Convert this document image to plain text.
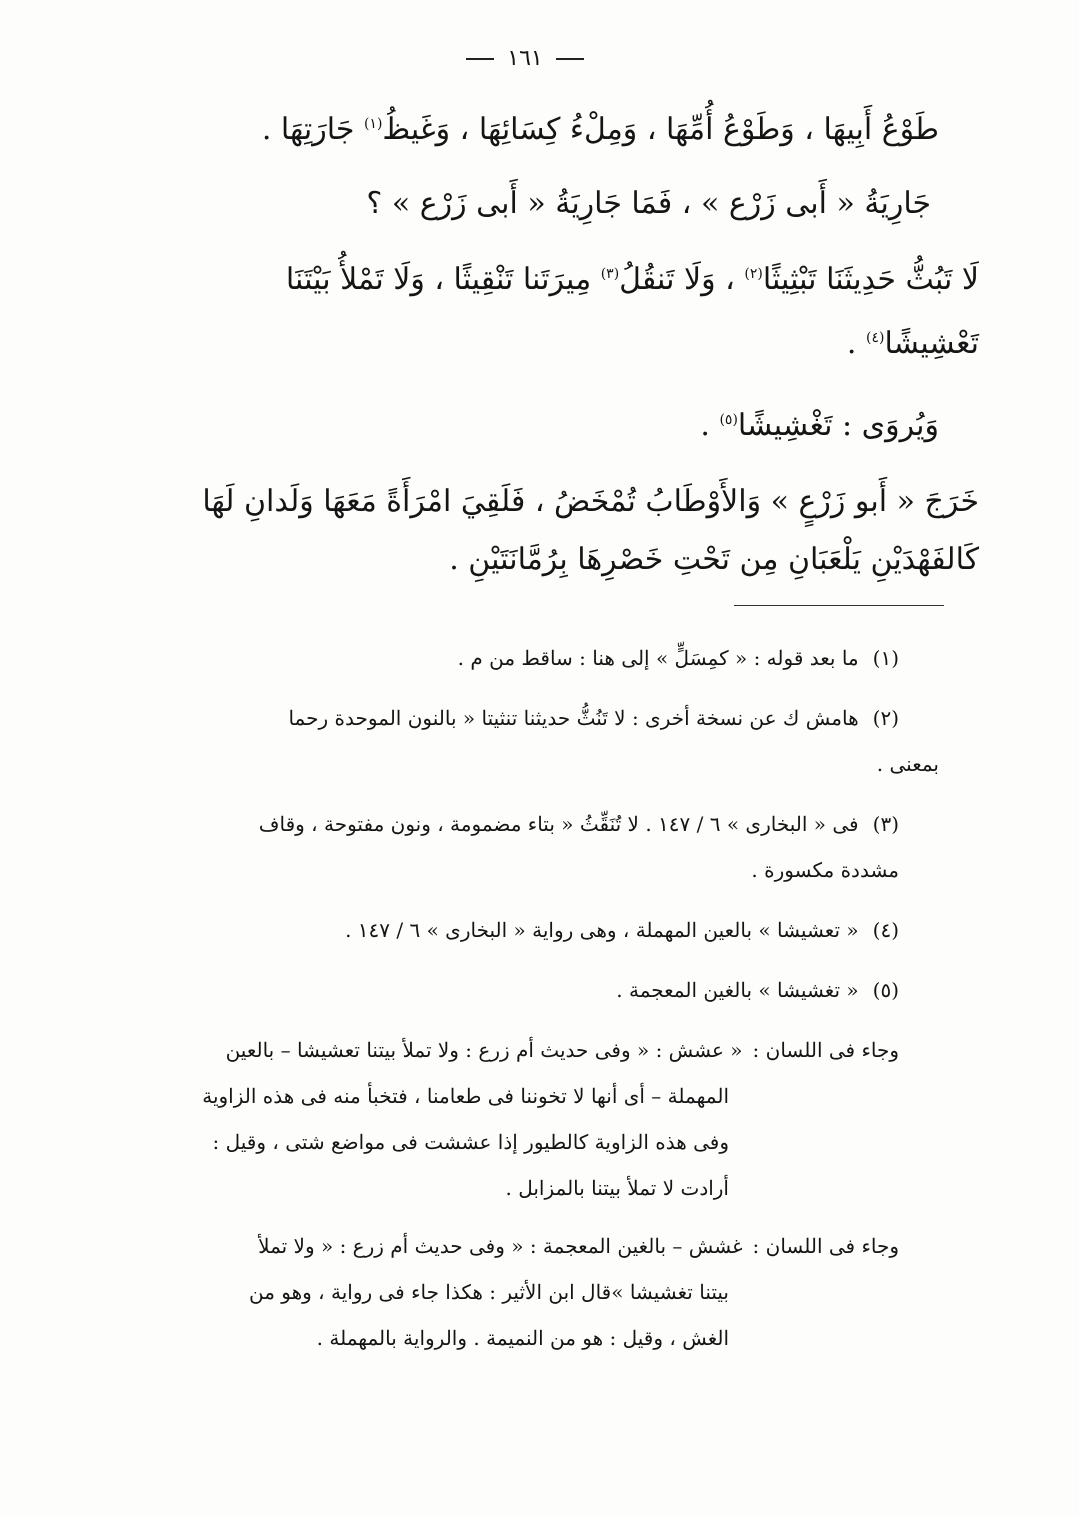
١٦١

طَوْعُ أَبِيهَا ، وَطَوْعُ أُمِّهَا ، وَمِلْءُ كِسَائِهَا ، وَغَيظُ$^{(١)}$ جَارَتِهَا .

جَارِيَةُ « أَبى زَرْع » ، فَمَا جَارِيَةُ « أَبى زَرْع » ؟

لَا تَبُثُّ حَدِيثَنَا تَبْثِيثًا$^{(٢)}$ ، وَلَا تَنقُلُ$^{(٣)}$ مِيرَتَنا تَنْقِيثًا ، وَلَا تَمْلأُ بَيْتَنَا

تَعْشِيشًا$^{(٤)}$ .

وَيُروَى : تَغْشِيشًا$^{(٥)}$ .

خَرَجَ « أَبو زَرْعٍ » وَالأَوْطَابُ تُمْخَضُ ، فَلَقِيَ امْرَأَةً مَعَهَا وَلَدانِ لَهَا

كَالفَهْدَيْنِ يَلْعَبَانِ مِن تَحْتِ خَصْرِهَا بِرُمَّانَتَيْنِ .

(١)ما بعد قوله : « كمِسَلٍّ » إلى هنا : ساقط من م .

(٢)هامش ك عن نسخة أخرى : لا تَنُثُّ حديثنا تنثيتا « بالنون الموحدة رحما
بمعنى .

(٣)فى « البخارى » ٦ / ١٤٧ . لا تُنَقِّثُ « بتاء مضمومة ، ونون مفتوحة ، وقاف
مشددة مكسورة .

(٤)« تعشيشا » بالعين المهملة ، وهى رواية « البخارى » ٦ / ١٤٧ .

(٥)« تغشيشا » بالغين المعجمة .

وجاء فى اللسان :« عشش : « وفى حديث أم زرع : ولا تملأ بيتنا تعشيشا – بالعين
المهملة – أى أنها لا تخوننا فى طعامنا ، فتخبأ منه فى هذه الزاوية
وفى هذه الزاوية كالطيور إذا عششت فى مواضع شتى ، وقيل :
أرادت لا تملأ بيتنا بالمزابل .
وجاء فى اللسان :غشش – بالغين المعجمة : « وفى حديث أم زرع : « ولا تملأ
بيتنا تغشيشا »قال ابن الأثير : هكذا جاء فى رواية ، وهو من
الغش ، وقيل : هو من النميمة . والرواية بالمهملة .
